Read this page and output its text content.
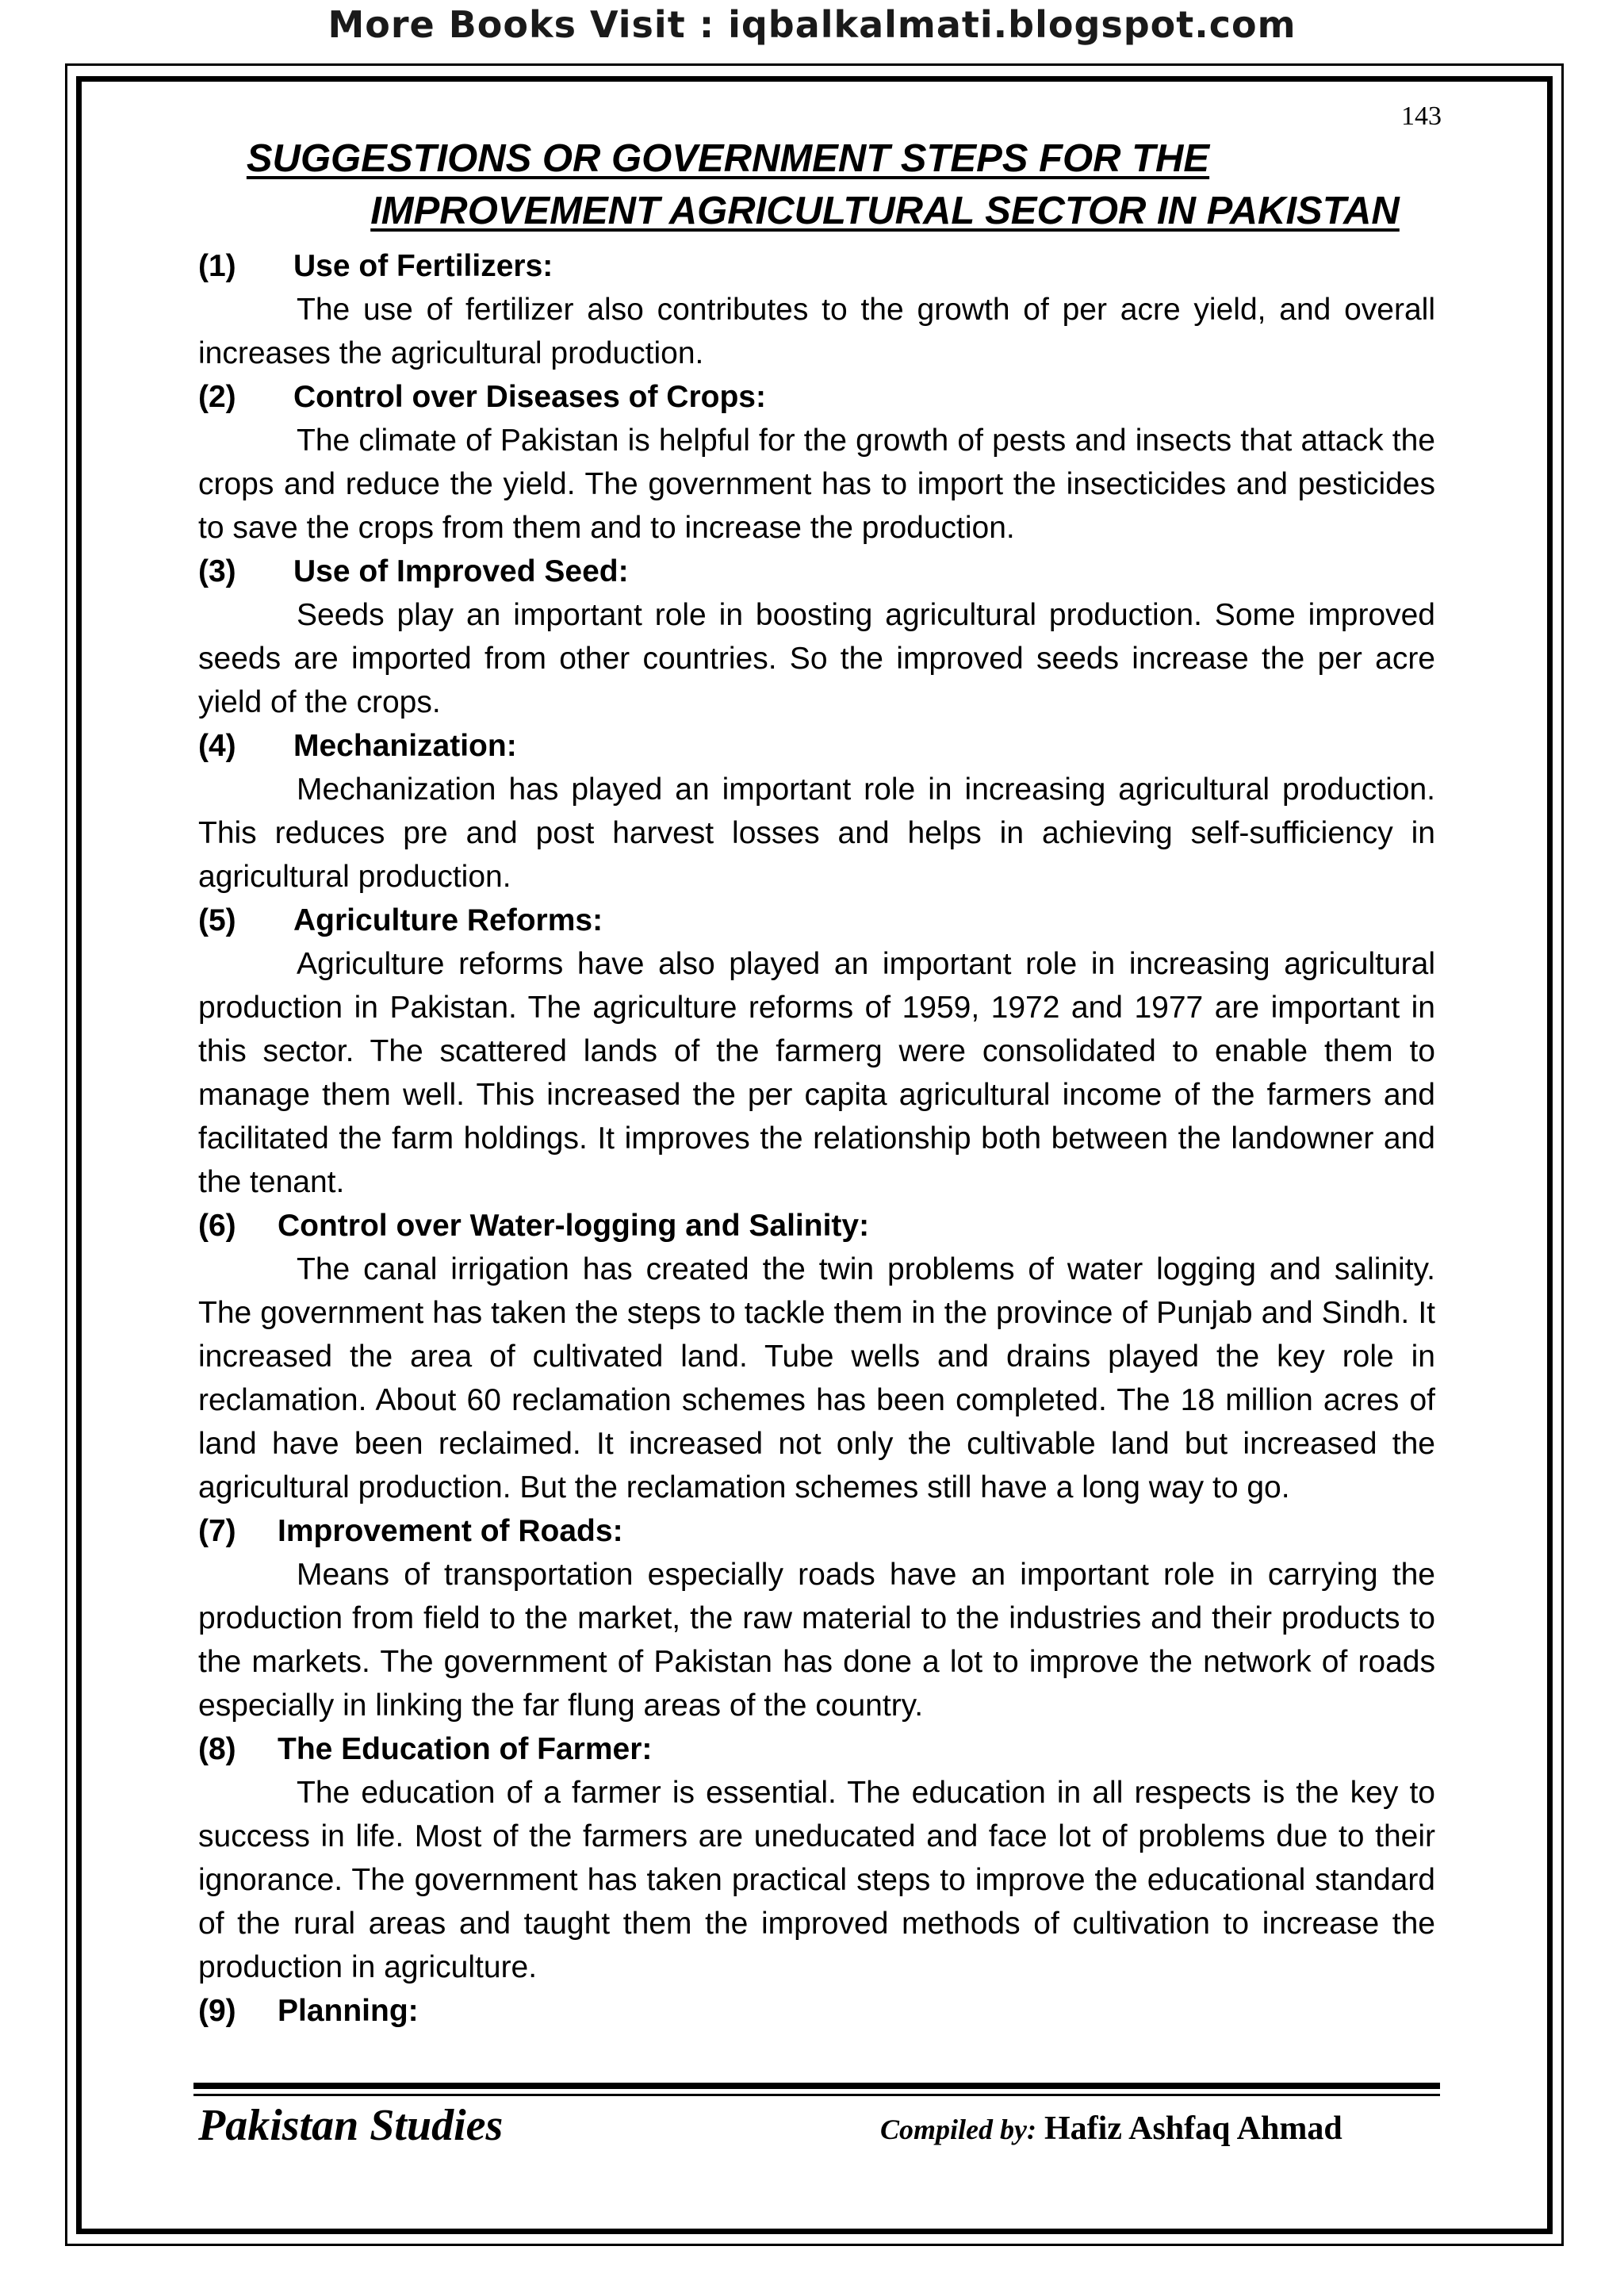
More Books Visit : iqbalkalmati.blogspot.com
143
SUGGESTIONS OR GOVERNMENT STEPS FOR THE
IMPROVEMENT AGRICULTURAL SECTOR IN PAKISTAN
(1) Use of Fertilizers:

The use of fertilizer also contributes to the growth of per acre yield, and overall increases the agricultural production.

(2) Control over Diseases of Crops:

The climate of Pakistan is helpful for the growth of pests and insects that attack the crops and reduce the yield. The government has to import the insecticides and pesticides to save the crops from them and to increase the production.

(3) Use of Improved Seed:

Seeds play an important role in boosting agricultural production. Some improved seeds are imported from other countries. So the improved seeds increase the per acre yield of the crops.

(4) Mechanization:

Mechanization has played an important role in increasing agricultural production. This reduces pre and post harvest losses and helps in achieving self-sufficiency in agricultural production.

(5) Agriculture Reforms:

Agriculture reforms have also played an important role in increasing agricultural production in Pakistan. The agriculture reforms of 1959, 1972 and 1977 are important in this sector. The scattered lands of the farmerg were consolidated to enable them to manage them well. This increased the per capita agricultural income of the farmers and facilitated the farm holdings. It improves the relationship both between the landowner and the tenant.

(6) Control over Water-logging and Salinity:

The canal irrigation has created the twin problems of water logging and salinity. The government has taken the steps to tackle them in the province of Punjab and Sindh. It increased the area of cultivated land. Tube wells and drains played the key role in reclamation. About 60 reclamation schemes has been completed. The 18 million acres of land have been reclaimed. It increased not only the cultivable land but increased the agricultural production. But the reclamation schemes still have a long way to go.

(7) Improvement of Roads:

Means of transportation especially roads have an important role in carrying the production from field to the market, the raw material to the industries and their products to the markets. The government of Pakistan has done a lot to improve the network of roads especially in linking the far flung areas of the country.

(8) The Education of Farmer:

The education of a farmer is essential. The education in all respects is the key to success in life. Most of the farmers are uneducated and face lot of problems due to their ignorance. The government has taken practical steps to improve the educational standard of the rural areas and taught them the improved methods of cultivation to increase the production in agriculture.

(9) Planning:
Pakistan Studies	Compiled by: Hafiz Ashfaq Ahmad
